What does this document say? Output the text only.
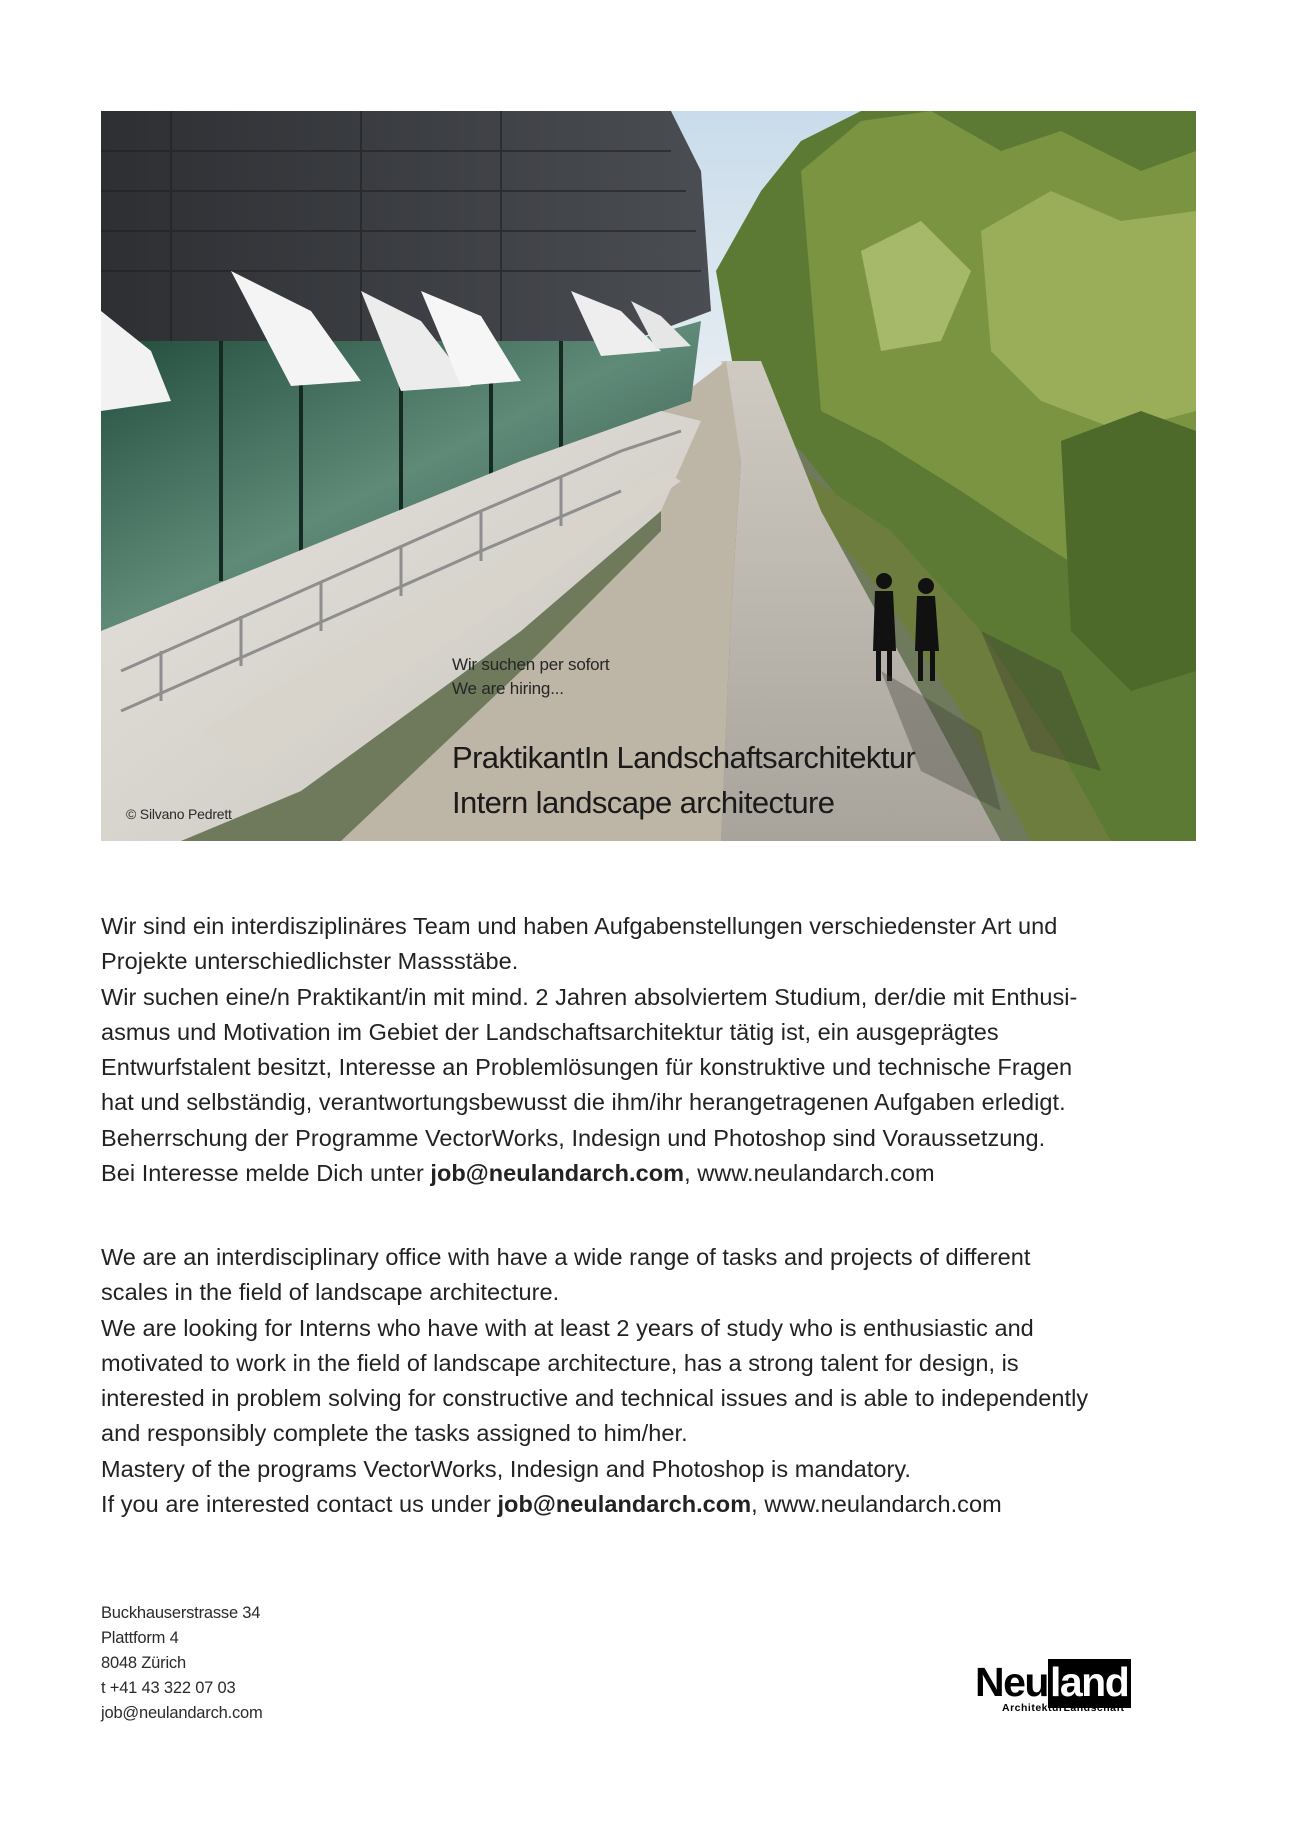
Wir suchen per sofort
We are hiring...
PraktikantIn Landschaftsarchitektur
Intern landscape architecture
© Silvano Pedrett
Wir sind ein interdisziplinäres Team und haben Aufgabenstellungen verschiedenster Art und
Projekte unterschiedlichster Massstäbe.
Wir suchen eine/n Praktikant/in mit mind. 2 Jahren absolviertem Studium, der/die mit Enthusi-
asmus und Motivation im Gebiet der Landschaftsarchitektur tätig ist, ein ausgeprägtes
Entwurfstalent besitzt, Interesse an Problemlösungen für konstruktive und technische Fragen
hat und selbständig, verantwortungsbewusst die ihm/ihr herangetragenen Aufgaben erledigt.
Beherrschung der Programme VectorWorks, Indesign und Photoshop sind Voraussetzung.
Bei Interesse melde Dich unter job@neulandarch.com, www.neulandarch.com
We are an interdisciplinary office with have a wide range of tasks and projects of different
scales in the field of landscape architecture.
We are looking for Interns who have with at least 2 years of study who is enthusiastic and
motivated to work in the field of landscape architecture, has a strong talent for design, is
interested in problem solving for constructive and technical issues and is able to independently
and responsibly complete the tasks assigned to him/her.
Mastery of the programs VectorWorks, Indesign and Photoshop is mandatory.
If you are interested contact us under job@neulandarch.com, www.neulandarch.com
Buckhauserstrasse 34
Plattform 4
8048 Zürich
t +41 43 322 07 03
job@neulandarch.com
Neuland
ArchitekturLandschaft
